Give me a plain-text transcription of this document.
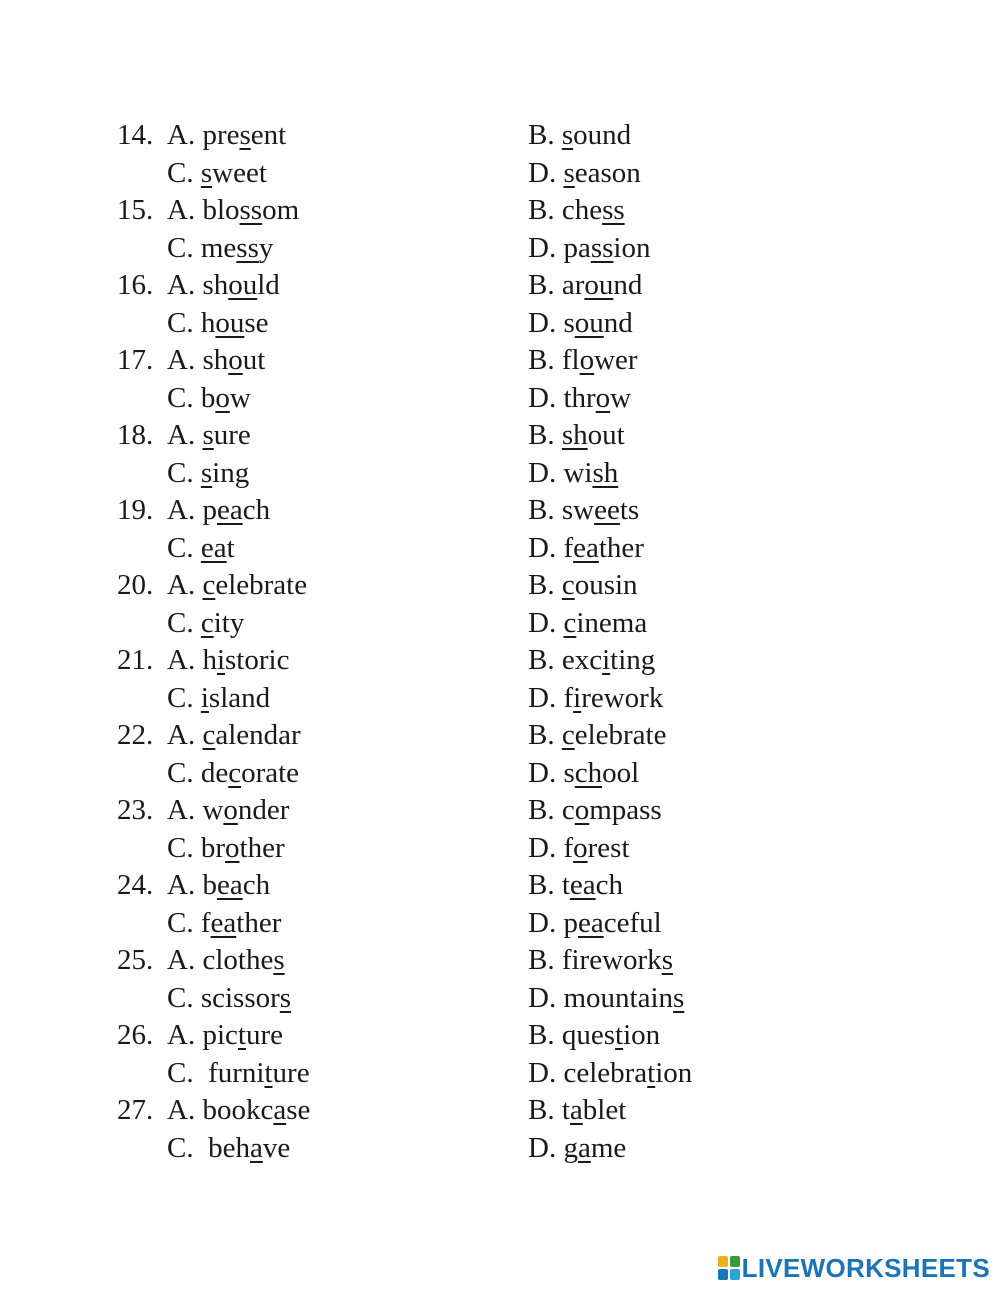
14. A. present	B. sound
C. sweet	D. season
15. A. blossom	B. chess
C. messy	D. passion
16. A. should	B. around
C. house	D. sound
17. A. shout	B. flower
C. bow	D. throw
18. A. sure	B. shout
C. sing	D. wish
19. A. peach	B. sweets
C. eat	D. feather
20. A. celebrate	B. cousin
C. city	D. cinema
21. A. historic	B. exciting
C. island	D. firework
22. A. calendar	B. celebrate
C. decorate	D. school
23. A. wonder	B. compass
C. brother	D. forest
24. A. beach	B. teach
C. feather	D. peaceful
25. A. clothes	B. fireworks
C. scissors	D. mountains
26. A. picture	B. question
C.  furniture	D. celebration
27. A. bookcase	B. tablet
C.  behave	D. game
LIVEWORKSHEETS
